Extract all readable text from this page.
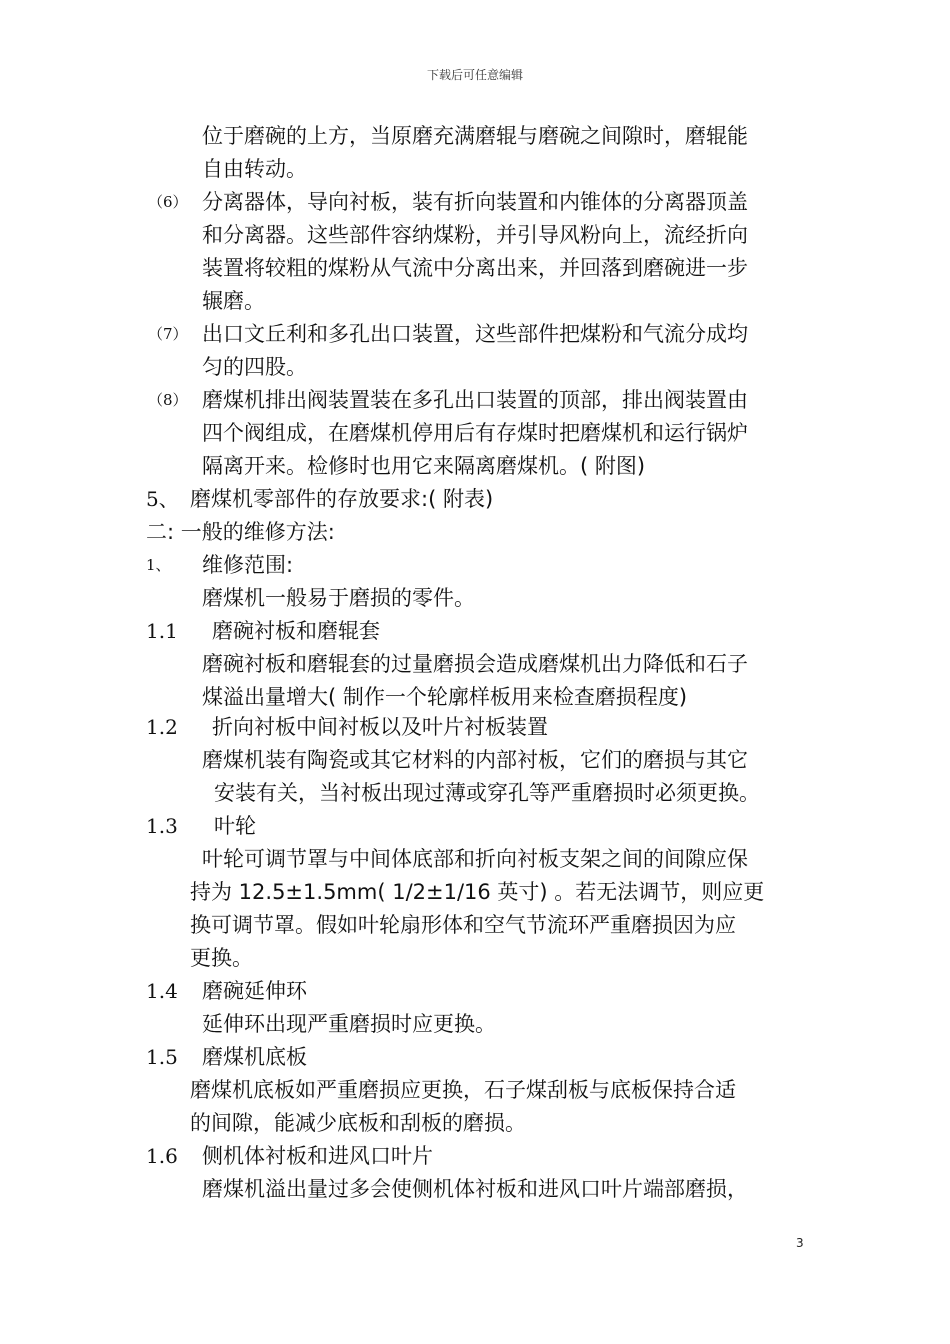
下载后可任意编辑
位于磨碗的上方，当原磨充满磨辊与磨碗之间隙时，磨辊能
自由转动。
（6） 分离器体，导向衬板，装有折向装置和内锥体的分离器顶盖
和分离器。这些部件容纳煤粉，并引导风粉向上，流经折向
装置将较粗的煤粉从气流中分离出来，并回落到磨碗进一步
辗磨。
（7） 出口文丘利和多孔出口装置，这些部件把煤粉和气流分成均
匀的四股。
（8） 磨煤机排出阀装置装在多孔出口装置的顶部，排出阀装置由
四个阀组成，在磨煤机停用后有存煤时把磨煤机和运行锅炉
隔离开来。检修时也用它来隔离磨煤机。( 附图)
5、 磨煤机零部件的存放要求:( 附表)
二: 一般的维修方法:
1、 维修范围:
磨煤机一般易于磨损的零件。
1.1 磨碗衬板和磨辊套
磨碗衬板和磨辊套的过量磨损会造成磨煤机出力降低和石子
煤溢出量增大( 制作一个轮廓样板用来检查磨损程度)
1.2 折向衬板中间衬板以及叶片衬板装置
磨煤机装有陶瓷或其它材料的内部衬板，它们的磨损与其它
安装有关，当衬板出现过薄或穿孔等严重磨损时必须更换。
1.3 叶轮
叶轮可调节罩与中间体底部和折向衬板支架之间的间隙应保
持为 12.5±1.5mm( 1/2±1/16 英寸) 。若无法调节，则应更
换可调节罩。假如叶轮扇形体和空气节流环严重磨损因为应
更换。
1.4 磨碗延伸环
延伸环出现严重磨损时应更换。
1.5 磨煤机底板
磨煤机底板如严重磨损应更换，石子煤刮板与底板保持合适
的间隙，能减少底板和刮板的磨损。
1.6 侧机体衬板和进风口叶片
磨煤机溢出量过多会使侧机体衬板和进风口叶片端部磨损，
3
